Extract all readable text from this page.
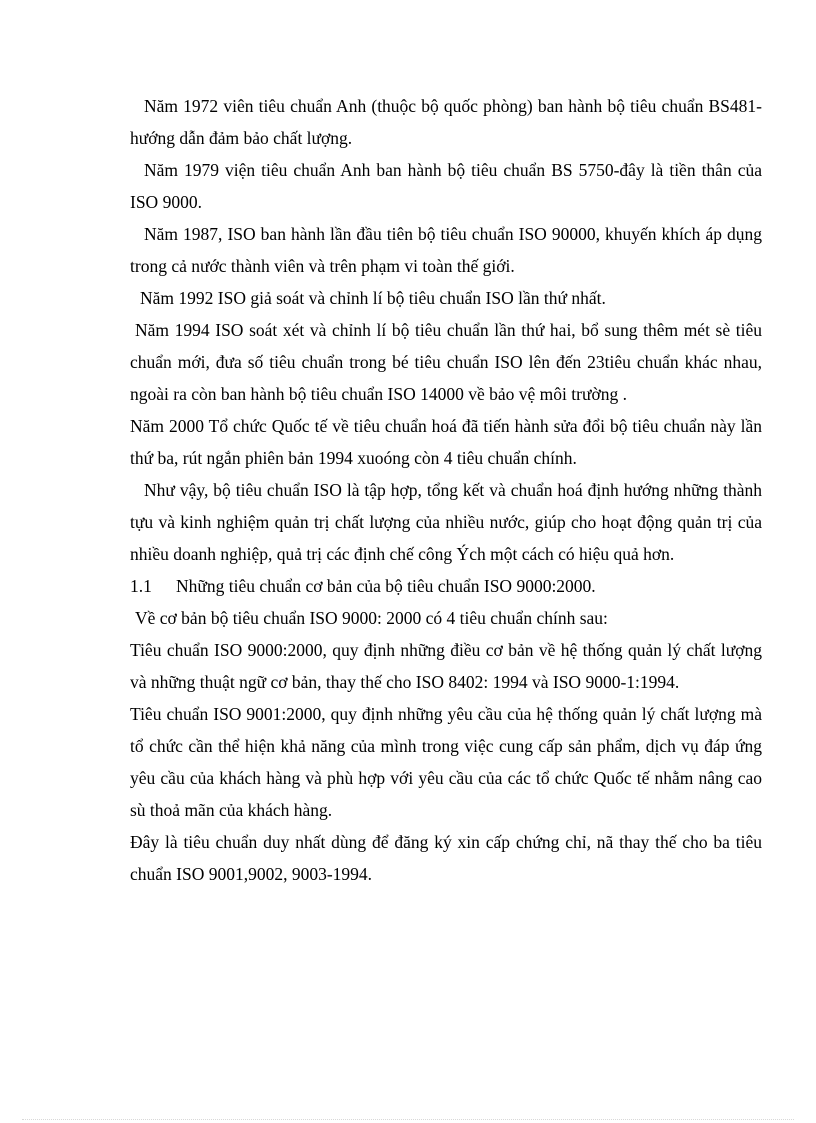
Năm 1972 viên tiêu chuẩn Anh (thuộc bộ quốc phòng) ban hành bộ tiêu chuẩn BS481- hướng dẫn đảm bảo chất lượng.

Năm 1979 viện tiêu chuẩn Anh ban hành bộ tiêu chuẩn BS 5750-đây là tiền thân của ISO 9000.

Năm 1987, ISO ban hành lần đầu tiên bộ tiêu chuẩn ISO 90000, khuyến khích áp dụng trong cả nước thành viên và trên phạm vi toàn thế giới.

Năm 1992 ISO giả soát và chỉnh lí bộ tiêu chuẩn ISO lần thứ nhất.

Năm 1994 ISO soát xét và chỉnh lí bộ tiêu chuẩn lần thứ hai, bổ sung thêm mét sè tiêu chuẩn mới, đưa số tiêu chuẩn trong bé tiêu chuẩn ISO lên đến 23tiêu chuẩn khác nhau, ngoài ra còn ban hành bộ tiêu chuẩn ISO 14000 về bảo vệ môi trường .

Năm 2000 Tổ chức Quốc tế về tiêu chuẩn hoá đã tiến hành sửa đổi bộ tiêu chuẩn này lần thứ ba, rút ngắn phiên bản 1994 xuoóng còn 4 tiêu chuẩn chính.

Như vậy, bộ tiêu chuẩn ISO là tập hợp, tổng kết và chuẩn hoá định hướng những thành tựu và kinh nghiệm quản trị chất lượng của nhiều nước, giúp cho hoạt động quản trị của nhiều doanh nghiệp, quả trị các định chế công Ých một cách có hiệu quả hơn.

1.1	Những tiêu chuẩn cơ bản của bộ tiêu chuẩn ISO 9000:2000.

Về cơ bản bộ tiêu chuẩn ISO 9000: 2000 có 4 tiêu chuẩn chính sau:

Tiêu chuẩn ISO 9000:2000, quy định những điều cơ bản về hệ thống quản lý chất lượng và những thuật ngữ cơ bản, thay thế cho ISO 8402: 1994 và ISO 9000-1:1994.

Tiêu chuẩn ISO 9001:2000, quy định những yêu cầu của hệ thống quản lý chất lượng mà tổ chức cần thể hiện khả năng của mình trong việc cung cấp sản phẩm, dịch vụ đáp ứng yêu cầu của khách hàng và phù hợp với yêu cầu của các tổ chức Quốc tế nhằm nâng cao sù thoả mãn của khách hàng.

Đây là tiêu chuẩn duy nhất dùng để đăng ký xin cấp chứng chỉ, nã thay thế cho ba tiêu chuẩn ISO 9001,9002, 9003-1994.
